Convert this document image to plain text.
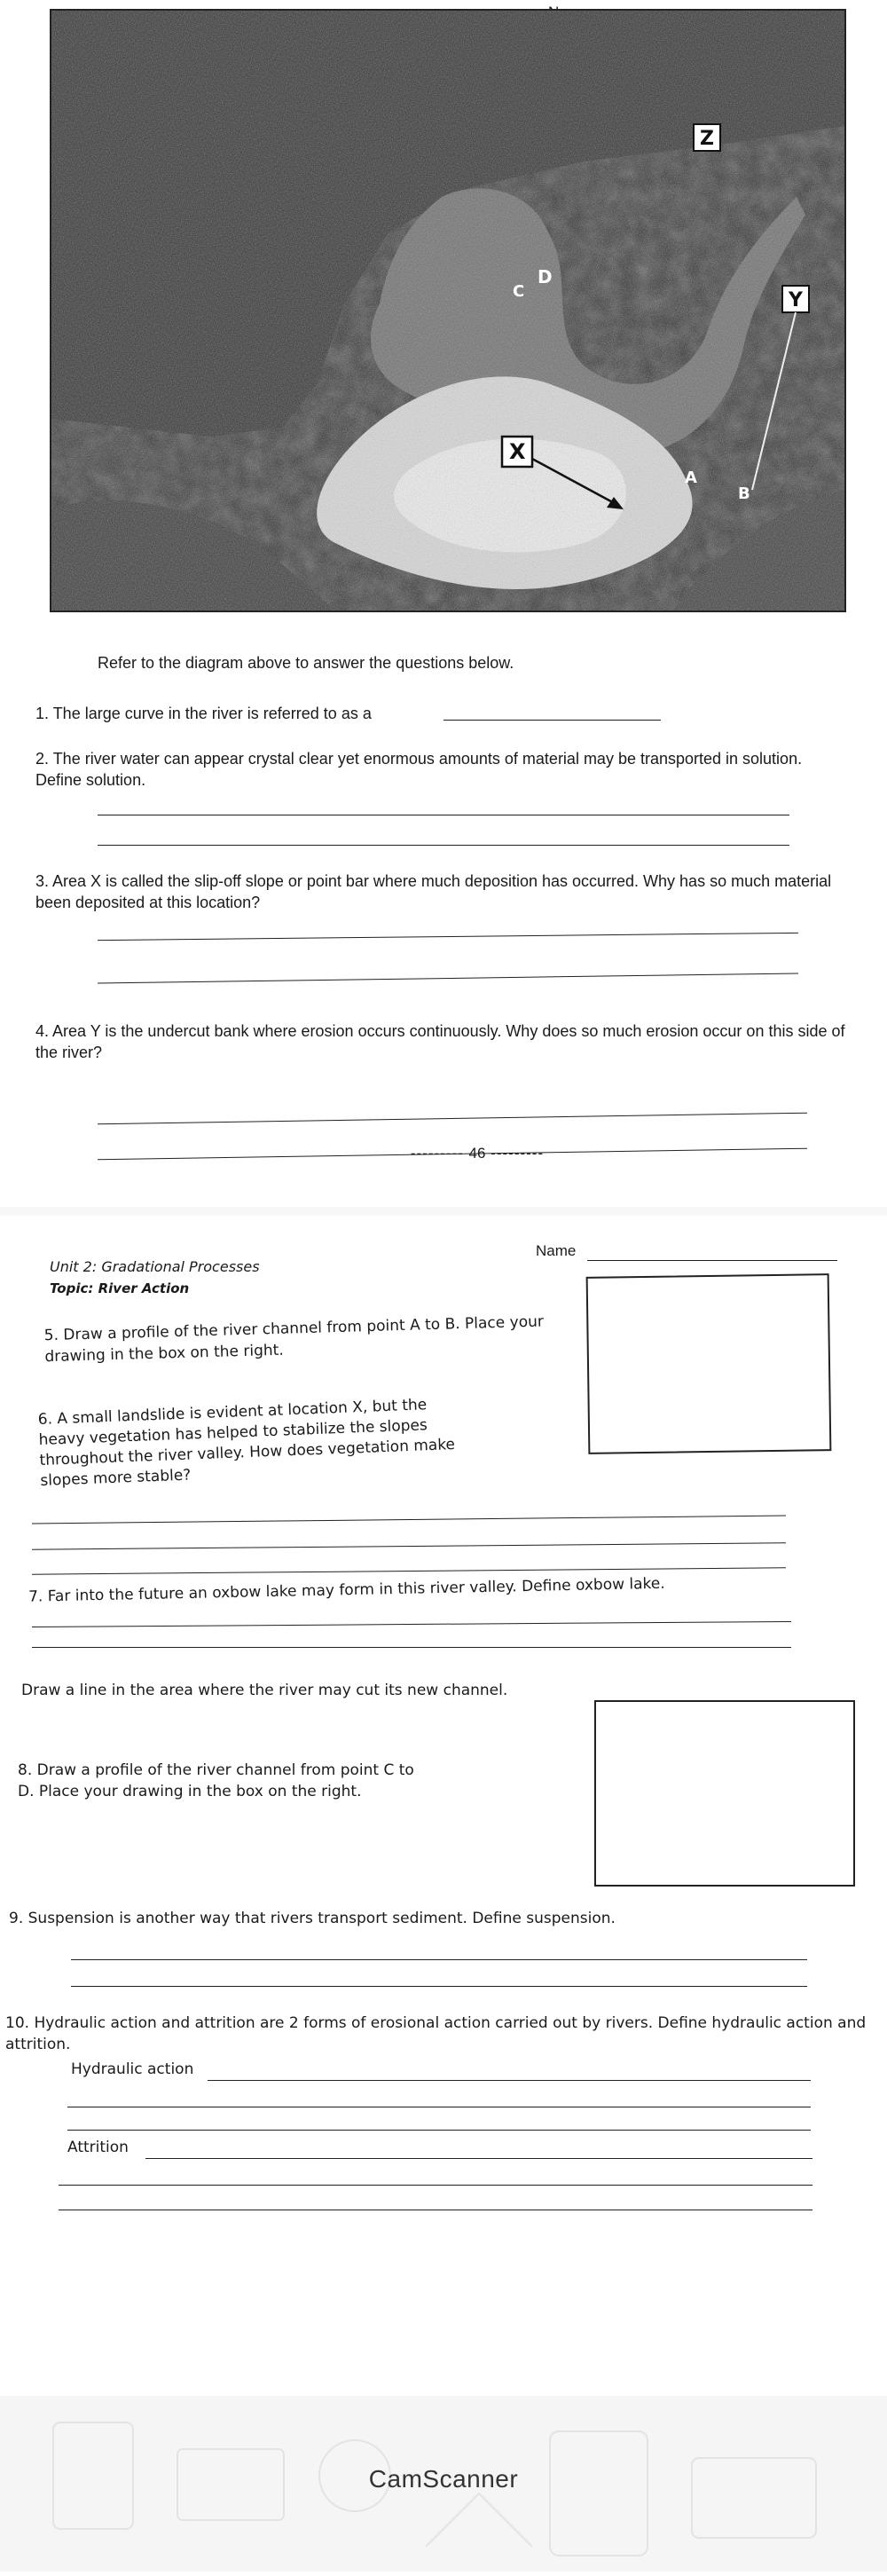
Z
Y
X
D
C
A
B
Refer to the diagram above to answer the questions below.
1. The large curve in the river is referred to as a
2. The river water can appear crystal clear yet enormous amounts of material may be transported in solution. Define solution.
3. Area X is called the slip-off slope or point bar where much deposition has occurred. Why has so much material been deposited at this location?
4. Area Y is the undercut bank where erosion occurs continuously. Why does so much erosion occur on this side of the river?
--------- 46 ---------
Unit 2: Gradational Processes
Topic: River Action
Name
5. Draw a profile of the river channel from point A to B. Place your drawing in the box on the right.
6. A small landslide is evident at location X, but the heavy vegetation has helped to stabilize the slopes throughout the river valley. How does vegetation make slopes more stable?
7. Far into the future an oxbow lake may form in this river valley. Define oxbow lake.
Draw a line in the area where the river may cut its new channel.
8. Draw a profile of the river channel from point C to D. Place your drawing in the box on the right.
9. Suspension is another way that rivers transport sediment. Define suspension.
10. Hydraulic action and attrition are 2 forms of erosional action carried out by rivers. Define hydraulic action and attrition.
Hydraulic action
Attrition
CamScanner
